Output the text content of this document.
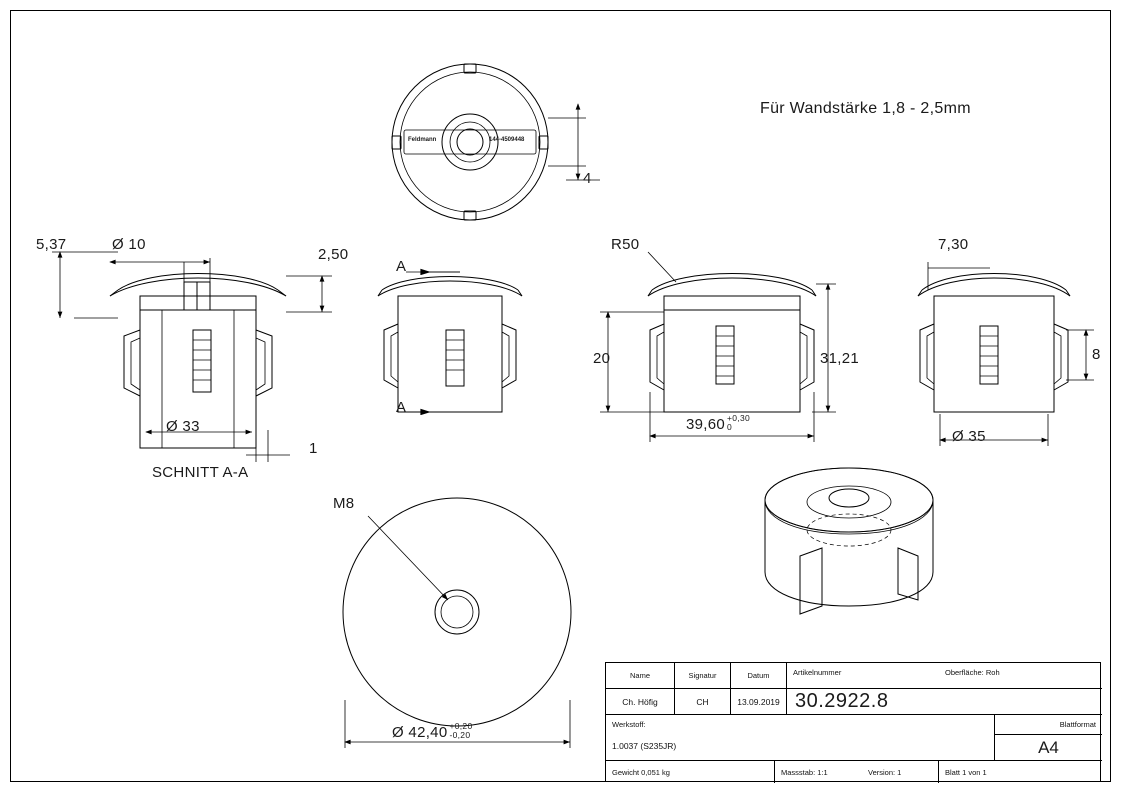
Für Wandstärke 1,8 - 2,5mm
4
5,37	Ø 10
2,50
Ø 33
1
SCHNITT A-A
A
A
R50
20	31,21
39,60 +0,30
0
7,30
8
Ø 35
M8
Ø 42,40 +0,20
-0,20
Feldmann	144-4509448
Name	Signatur	Datum	Artikelnummer	Oberfläche: Roh
Ch. Höfig	CH	13.09.2019 30.2922.8
Werkstoff:
1.0037 (S235JR)
Blattformat
A4
Gewicht 0,051 kg	Massstab: 1:1	Version: 1	Blatt 1 von 1
